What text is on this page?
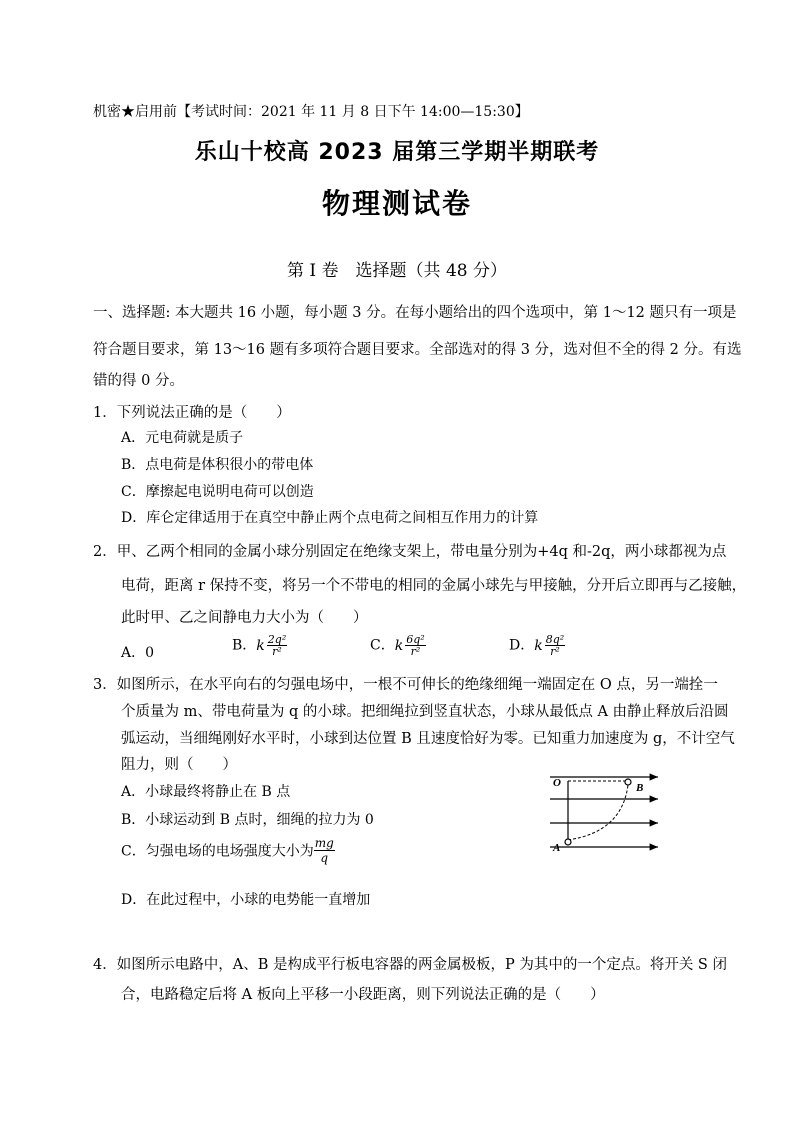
机密★启用前【考试时间：2021 年 11 月 8 日下午 14:00—15:30】
乐山十校高 2023 届第三学期半期联考
物理测试卷
第 I 卷　选择题（共 48 分）
一、选择题: 本大题共 16 小题，每小题 3 分。在每小题给出的四个选项中，第 1～12 题只有一项是
符合题目要求，第 13～16 题有多项符合题目要求。全部选对的得 3 分，选对但不全的得 2 分。有选
错的得 0 分。
1．下列说法正确的是（　　）
A．元电荷就是质子
B．点电荷是体积很小的带电体
C．摩擦起电说明电荷可以创造
D．库仑定律适用于在真空中静止两个点电荷之间相互作用力的计算
2．甲、乙两个相同的金属小球分别固定在绝缘支架上，带电量分别为+4q 和-2q，两小球都视为点
电荷，距离 r 保持不变，将另一个不带电的相同的金属小球先与甲接触，分开后立即再与乙接触，
此时甲、乙之间静电力大小为（　　）
A．0	B．k $\frac{\text{2q²}}{\text{r²}}$	C．k $\frac{\text{6q²}}{\text{r²}}$	D．k $\frac{\text{8q²}}{\text{r²}}$
3．如图所示，在水平向右的匀强电场中，一根不可伸长的绝缘细绳一端固定在 O 点，另一端拴一
个质量为 m、带电荷量为 q 的小球。把细绳拉到竖直状态，小球从最低点 A 由静止释放后沿圆
弧运动，当细绳刚好水平时，小球到达位置 B 且速度恰好为零。已知重力加速度为 g，不计空气
阻力，则（　　）
A．小球最终将静止在 B 点
B．小球运动到 B 点时，细绳的拉力为 0
C．匀强电场的电场强度大小为 $\frac{mg}{q}$
D．在此过程中，小球的电势能一直增加
O
A
B
4．如图所示电路中，A、B 是构成平行板电容器的两金属极板，P 为其中的一个定点。将开关 S 闭
合，电路稳定后将 A 板向上平移一小段距离，则下列说法正确的是（　　）
